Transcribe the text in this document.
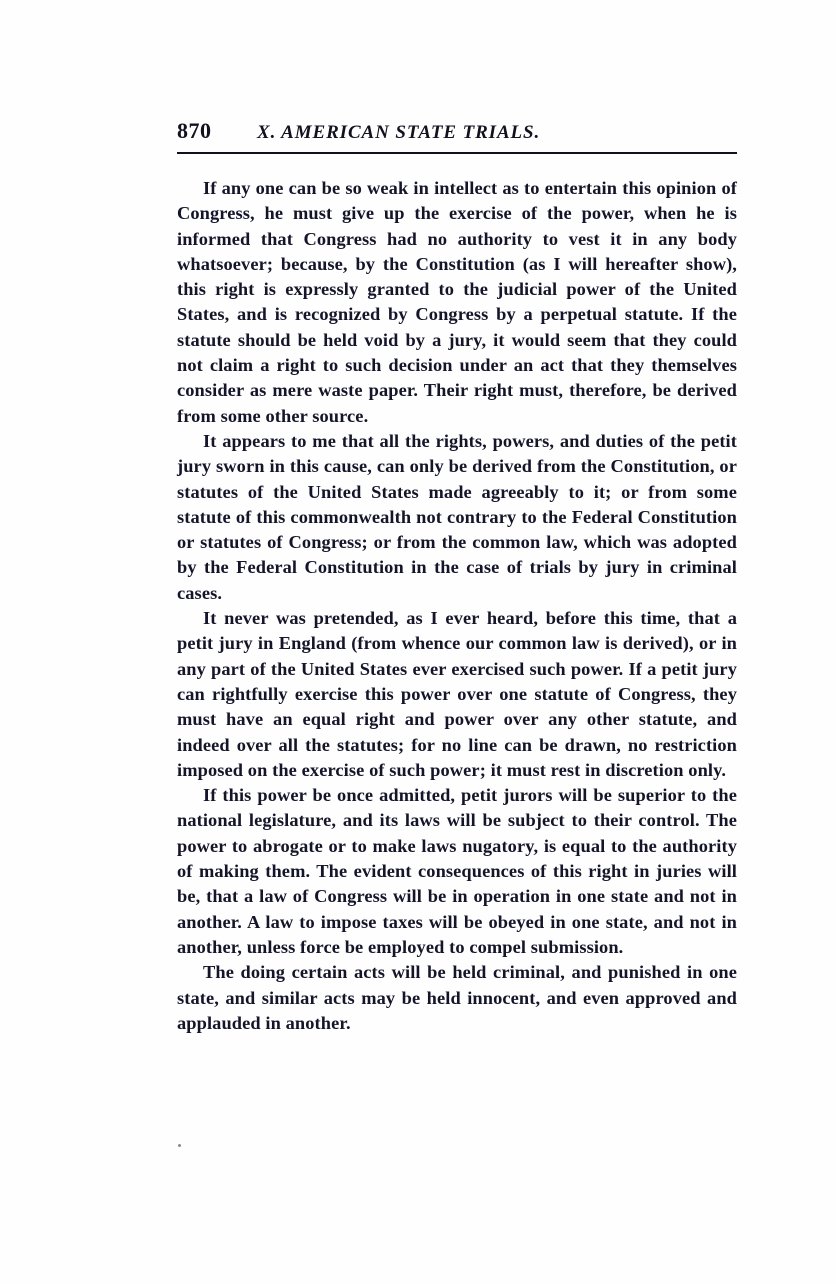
870	X. AMERICAN STATE TRIALS.

If any one can be so weak in intellect as to entertain this opinion of Congress, he must give up the exercise of the power, when he is informed that Congress had no authority to vest it in any body whatsoever; because, by the Constitution (as I will hereafter show), this right is expressly granted to the judicial power of the United States, and is recognized by Congress by a perpetual statute. If the statute should be held void by a jury, it would seem that they could not claim a right to such decision under an act that they themselves consider as mere waste paper. Their right must, therefore, be derived from some other source.

It appears to me that all the rights, powers, and duties of the petit jury sworn in this cause, can only be derived from the Constitution, or statutes of the United States made agreeably to it; or from some statute of this commonwealth not contrary to the Federal Constitution or statutes of Congress; or from the common law, which was adopted by the Federal Constitution in the case of trials by jury in criminal cases.

It never was pretended, as I ever heard, before this time, that a petit jury in England (from whence our common law is derived), or in any part of the United States ever exercised such power. If a petit jury can rightfully exercise this power over one statute of Congress, they must have an equal right and power over any other statute, and indeed over all the statutes; for no line can be drawn, no restriction imposed on the exercise of such power; it must rest in discretion only.

If this power be once admitted, petit jurors will be superior to the national legislature, and its laws will be subject to their control. The power to abrogate or to make laws nugatory, is equal to the authority of making them. The evident consequences of this right in juries will be, that a law of Congress will be in operation in one state and not in another. A law to impose taxes will be obeyed in one state, and not in another, unless force be employed to compel submission.

The doing certain acts will be held criminal, and punished in one state, and similar acts may be held innocent, and even approved and applauded in another.
